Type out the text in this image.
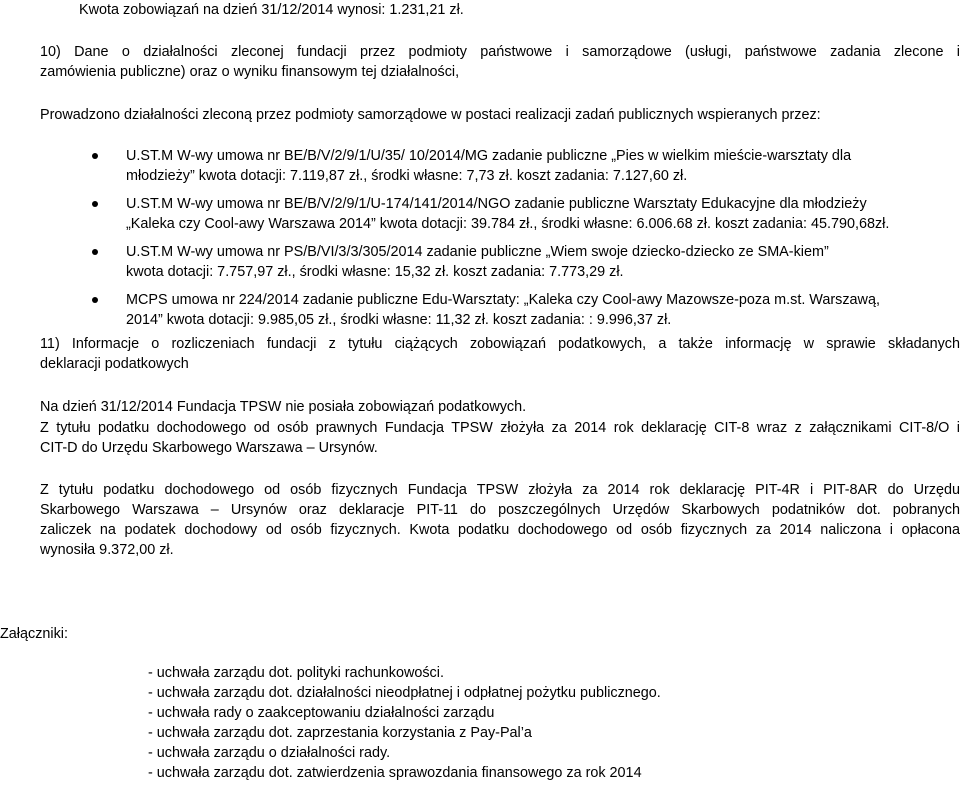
Kwota zobowiązań na dzień 31/12/2014 wynosi: 1.231,21 zł.
10) Dane o działalności zleconej fundacji przez podmioty państwowe i samorządowe (usługi, państwowe zadania zlecone i
zamówienia publiczne) oraz o wyniku finansowym tej działalności,
Prowadzono działalności zleconą przez podmioty samorządowe w postaci realizacji zadań publicznych wspieranych przez:
U.ST.M W-wy umowa nr BE/B/V/2/9/1/U/35/ 10/2014/MG zadanie publiczne „Pies w wielkim mieście-warsztaty dla
młodzieży” kwota dotacji: 7.119,87 zł., środki własne: 7,73 zł. koszt zadania: 7.127,60 zł.
U.ST.M W-wy umowa nr BE/B/V/2/9/1/U-174/141/2014/NGO zadanie publiczne Warsztaty Edukacyjne dla młodzieży
„Kaleka czy Cool-awy Warszawa 2014” kwota dotacji: 39.784 zł., środki własne: 6.006.68 zł. koszt zadania: 45.790,68zł.
U.ST.M W-wy umowa nr PS/B/VI/3/3/305/2014 zadanie publiczne „Wiem swoje dziecko-dziecko ze SMA-kiem”
kwota dotacji: 7.757,97 zł., środki własne: 15,32 zł. koszt zadania: 7.773,29 zł.
MCPS umowa nr 224/2014 zadanie publiczne Edu-Warsztaty: „Kaleka czy Cool-awy Mazowsze-poza m.st. Warszawą,
2014” kwota dotacji: 9.985,05 zł., środki własne: 11,32 zł. koszt zadania: : 9.996,37 zł.
11) Informacje o rozliczeniach fundacji z tytułu ciążących zobowiązań podatkowych, a także informację w sprawie składanych
deklaracji podatkowych
Na dzień 31/12/2014 Fundacja TPSW nie posiała zobowiązań podatkowych.
Z tytułu podatku dochodowego od osób prawnych Fundacja TPSW złożyła za 2014 rok deklarację CIT-8 wraz z załącznikami CIT-8/O i
CIT-D do Urzędu Skarbowego Warszawa – Ursynów.
Z tytułu podatku dochodowego od osób fizycznych Fundacja TPSW złożyła za 2014 rok deklarację PIT-4R i PIT-8AR do Urzędu
Skarbowego Warszawa – Ursynów oraz deklaracje PIT-11 do poszczególnych Urzędów Skarbowych podatników dot. pobranych
zaliczek na podatek dochodowy od osób fizycznych. Kwota podatku dochodowego od osób fizycznych za 2014 naliczona i opłacona
wynosiła 9.372,00 zł.
Załączniki:
- uchwała zarządu dot. polityki rachunkowości.
- uchwała zarządu dot. działalności nieodpłatnej i odpłatnej pożytku publicznego.
- uchwała rady o zaakceptowaniu działalności zarządu
- uchwała zarządu dot. zaprzestania korzystania z Pay-Pal’a
- uchwała zarządu o działalności rady.
- uchwała zarządu dot. zatwierdzenia sprawozdania finansowego za rok 2014
